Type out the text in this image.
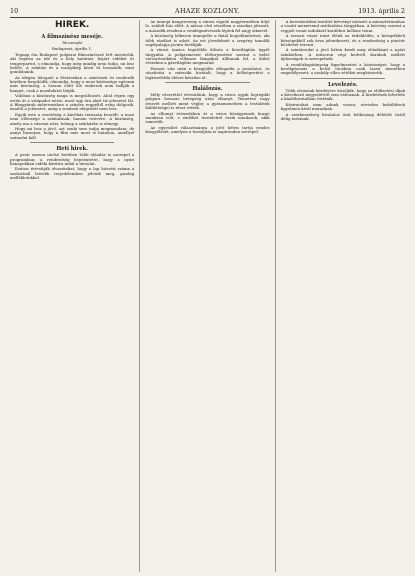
10	AHAZE KOZLONY.	1913. április 2
HIREK.
A filmszínész meséje.
Tárcanapló

Budapesst, április 1.

Tegnap óta Budapest polgárai filmszínésszé lett mesterük, aki bejárta az idő és a hely határait, bejárt vidéket és tengerpartot, s elmondja, hogy még mindig nem tudja, mi lesz belőle. A színház és a mozgókép közti út hosszabb, mint gondolnánk.

Az idegen látogató a fővárosban a színészek és rendezők körében forgolódik; elmondja, hogy a mozi közönsége egészen más közönség, a vászon előtt ülő emberek nem hallják a hangot, csak a mozdulatot látják.

Valóban a közönség maga is megváltozott. Ahol régen egy estén át a színpadot nézte, most egy óra alatt tíz jelenetet lát. A filmgyárak műtermeiben a színész reggeltől estig dolgozik, ismétli a jelenetet, amíg a rendező elégedett nem lesz.

Egyik este a vezetőség a kávéház teraszán beszélt: a mozi nem ellensége a színháznak, hanem testvére. A közönség, amely ma a vásznat nézi, holnap a színházba is elmegy.

Hogy mi lesz a jövő, azt senki sem tudja megmondani; de annyi bizonyos, hogy a film már most is hatalom, amellyel számolni kell.

Heti hirek.

A pesti szezon utolsó hetében több előadás is szerepel a programban; a rendezőség bejelentette, hogy a nyári hónapokban vidéki körútra indul a társulat.

Ezúton értesítjük olvasóinkat, hogy a lap húsvéti száma a szokottnál bővebb terjedelemben jelenik meg, gazdag mellékletekkel.

Az ünnepi hangverseny a városi vigadó nagytermében folyt le, zsúfolt ház előtt. A műsor első részében a zenekar játszott, a második részben a vendégművészek léptek fel nagy sikerrel.

A közönség lelkesen ünnepelte a fiatal hegedűművészt, aki több ráadást is adott. Az est jövedelmét a szegény tanulók segélyalapja javára fordítják.

A városi tanács legutóbbi ülésén a közvilágítás ügyét tárgyalta. A polgármester előterjesztése szerint a belső városrészekben villamos lámpákat állítanak fel, a külső részeken a gázvilágítás megmarad.

Hosszú vita után a közgyűlés elfogadta a javaslatot, és utasította a mérnöki hivatalt, hogy a költségvetést a legközelebbi ülésre készítse el.

Halálozás.

Mély részvéttel értesülünk, hogy a város egyik legrégibb polgára hosszas betegség után elhunyt. Temetése nagy részvét mellett ment végbe; a gyászmenetben a testületek küldöttségei is részt vettek.

Az elhunyt évtizedeken át a város közügyeinek buzgó munkása volt, s emlékét tisztelettel őrzik mindazok, akik ismerték.

Az egyesület választmánya a jövő héten tartja rendes közgyűlését, amelyen a tisztújítás is napirenden szerepel.

A kereskedelmi testület kérvényt intézett a minisztériumhoz a vasúti menetrend módosítása tárgyában. A kérvény szerint a reggeli vonat indulását korábbra kellene tenni.

A tavaszi vásár iránt élénk az érdeklődés; a környékbeli községekből sok árus jelentkezett, és a rendezőség a piactér bővítését tervezi.

A színtársulat a jövő héten kezdi meg előadásait a nyári színkörben. A műsoron régi kedvelt darabok mellett újdonságok is szerepelnek.

A rendőrkapitányság figyelmezteti a közönséget, hogy a kerékpározás a belső utcákon csak lassú menetben engedélyezett; a szabály ellen vétőket megbüntetik.

Levelezés.

Több olvasónk kérdésére közöljük, hogy az előfizetési díjak a következő negyedévtől sem változnak. A hirdetések felvétele a kiadóhivatalban történik.

Kéziratokat nem adunk vissza; névtelen beküldések figyelmen kívül maradnak.

A szerkesztőség hivatalos órái hétköznap délelőtt tíztől délig tartanak.
